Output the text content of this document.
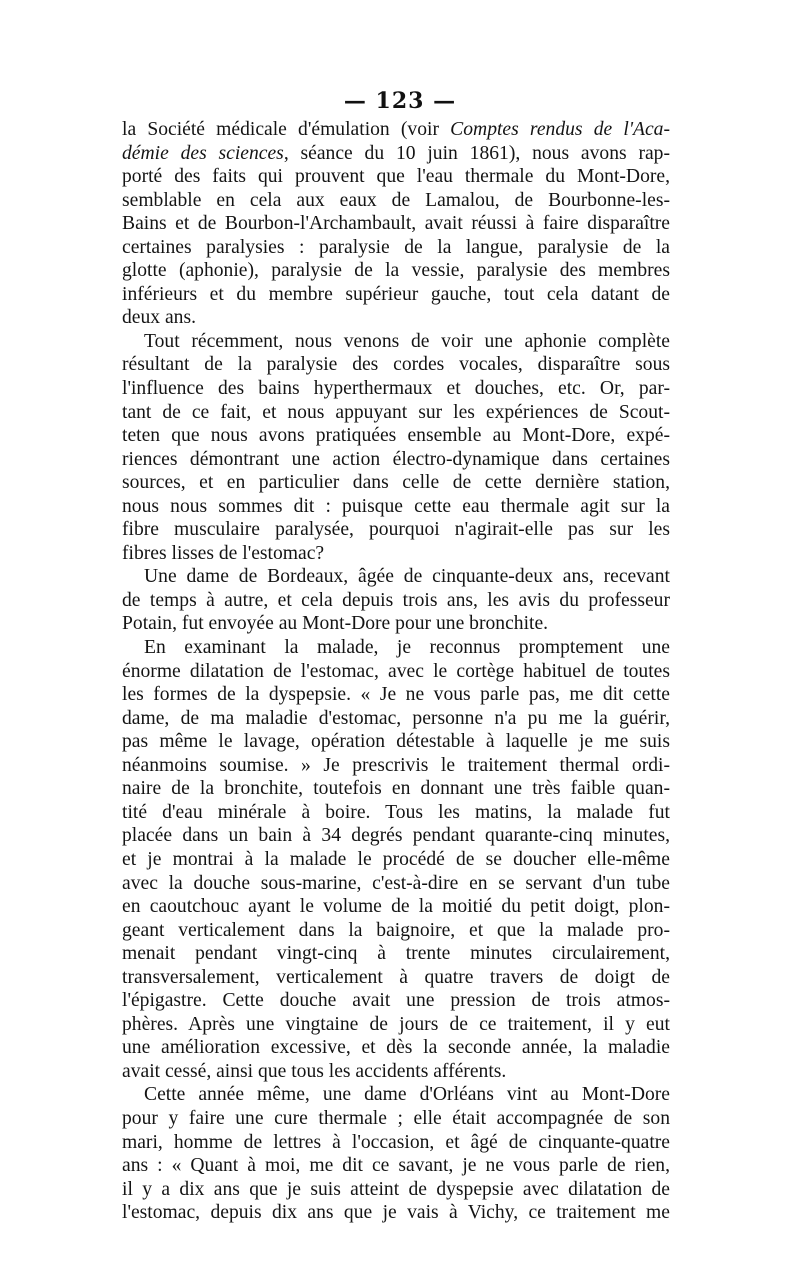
— 123 —
la Société médicale d'émulation (voir Comptes rendus de l'Aca-
démie des sciences, séance du 10 juin 1861), nous avons rap-
porté des faits qui prouvent que l'eau thermale du Mont-Dore,
semblable en cela aux eaux de Lamalou, de Bourbonne-les-
Bains et de Bourbon-l'Archambault, avait réussi à faire disparaître
certaines paralysies : paralysie de la langue, paralysie de la
glotte (aphonie), paralysie de la vessie, paralysie des membres
inférieurs et du membre supérieur gauche, tout cela datant de
deux ans.
Tout récemment, nous venons de voir une aphonie complète
résultant de la paralysie des cordes vocales, disparaître sous
l'influence des bains hyperthermaux et douches, etc. Or, par-
tant de ce fait, et nous appuyant sur les expériences de Scout-
teten que nous avons pratiquées ensemble au Mont-Dore, expé-
riences démontrant une action électro-dynamique dans certaines
sources, et en particulier dans celle de cette dernière station,
nous nous sommes dit : puisque cette eau thermale agit sur la
fibre musculaire paralysée, pourquoi n'agirait-elle pas sur les
fibres lisses de l'estomac?
Une dame de Bordeaux, âgée de cinquante-deux ans, recevant
de temps à autre, et cela depuis trois ans, les avis du professeur
Potain, fut envoyée au Mont-Dore pour une bronchite.
En examinant la malade, je reconnus promptement une
énorme dilatation de l'estomac, avec le cortège habituel de toutes
les formes de la dyspepsie. « Je ne vous parle pas, me dit cette
dame, de ma maladie d'estomac, personne n'a pu me la guérir,
pas même le lavage, opération détestable à laquelle je me suis
néanmoins soumise. » Je prescrivis le traitement thermal ordi-
naire de la bronchite, toutefois en donnant une très faible quan-
tité d'eau minérale à boire. Tous les matins, la malade fut
placée dans un bain à 34 degrés pendant quarante-cinq minutes,
et je montrai à la malade le procédé de se doucher elle-même
avec la douche sous-marine, c'est-à-dire en se servant d'un tube
en caoutchouc ayant le volume de la moitié du petit doigt, plon-
geant verticalement dans la baignoire, et que la malade pro-
menait pendant vingt-cinq à trente minutes circulairement,
transversalement, verticalement à quatre travers de doigt de
l'épigastre. Cette douche avait une pression de trois atmos-
phères. Après une vingtaine de jours de ce traitement, il y eut
une amélioration excessive, et dès la seconde année, la maladie
avait cessé, ainsi que tous les accidents afférents.
Cette année même, une dame d'Orléans vint au Mont-Dore
pour y faire une cure thermale ; elle était accompagnée de son
mari, homme de lettres à l'occasion, et âgé de cinquante-quatre
ans : « Quant à moi, me dit ce savant, je ne vous parle de rien,
il y a dix ans que je suis atteint de dyspepsie avec dilatation de
l'estomac, depuis dix ans que je vais à Vichy, ce traitement me
